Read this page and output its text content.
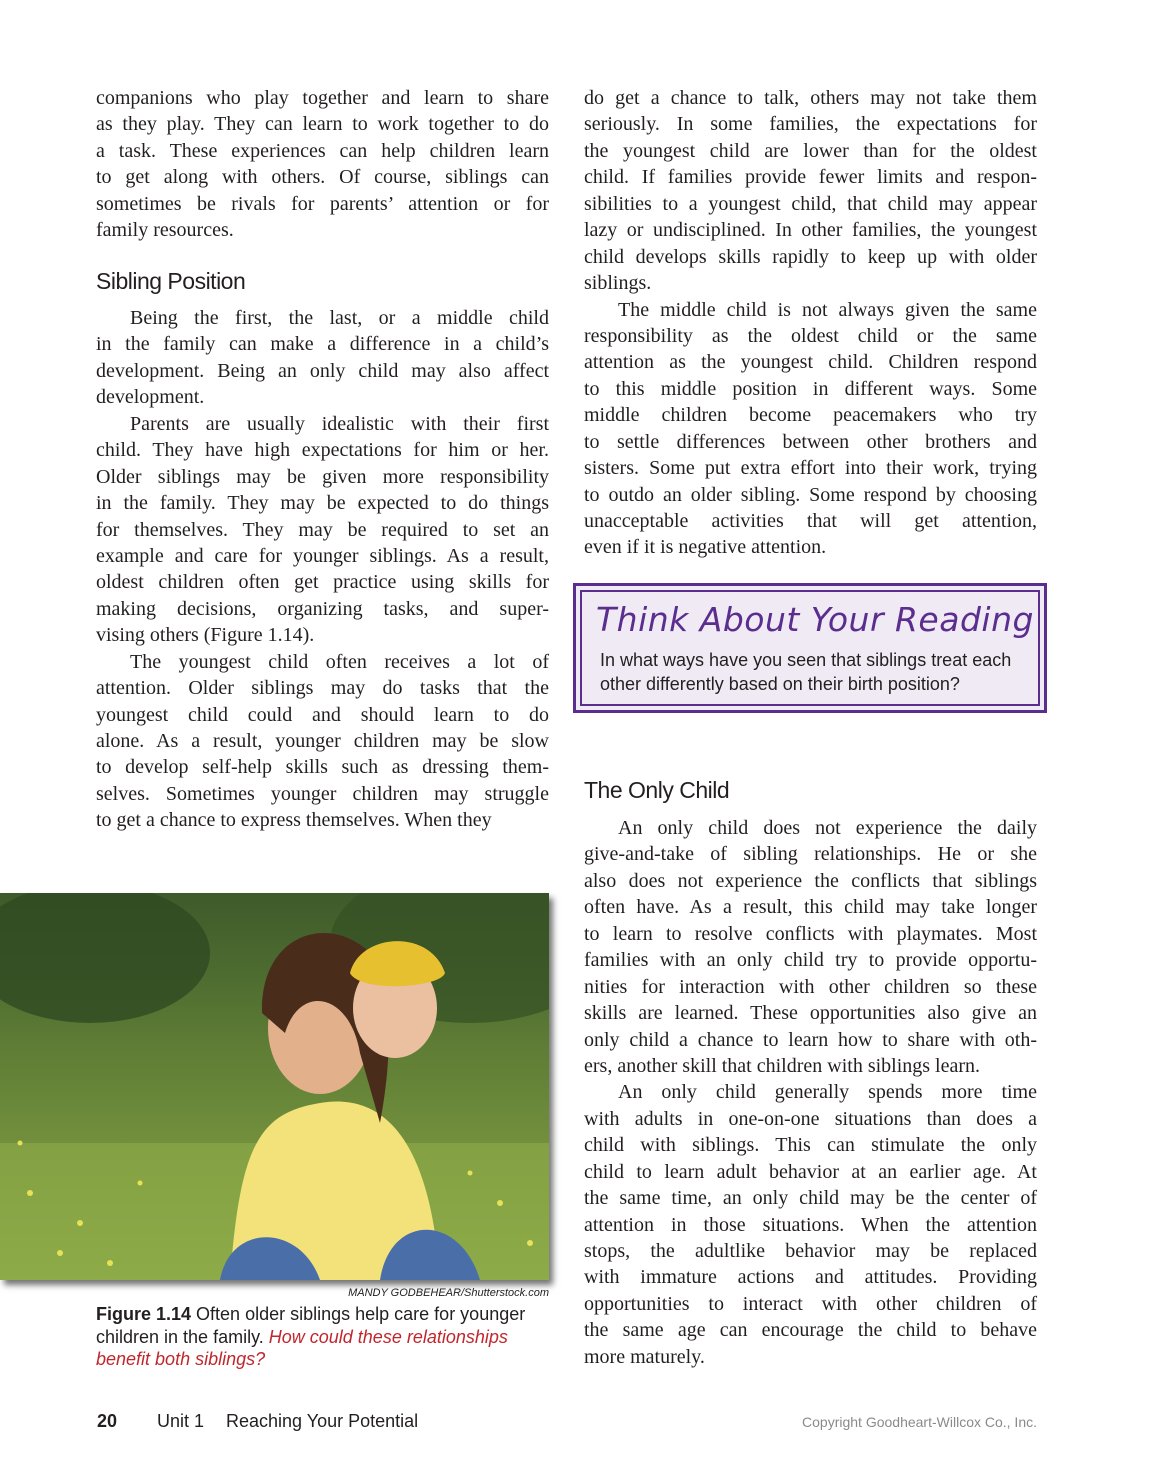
companions who play together and learn to share
as they play. They can learn to work together to do
a task. These experiences can help children learn
to get along with others. Of course, siblings can
sometimes be rivals for parents’ attention or for
family resources.
Sibling Position
Being the first, the last, or a middle child
in the family can make a difference in a child’s
development. Being an only child may also affect
development.
Parents are usually idealistic with their first
child. They have high expectations for him or her.
Older siblings may be given more responsibility
in the family. They may be expected to do things
for themselves. They may be required to set an
example and care for younger siblings. As a result,
oldest children often get practice using skills for
making decisions, organizing tasks, and super-
vising others (Figure 1.14).
The youngest child often receives a lot of
attention. Older siblings may do tasks that the
youngest child could and should learn to do
alone. As a result, younger children may be slow
to develop self-help skills such as dressing them-
selves. Sometimes younger children may struggle
to get a chance to express themselves. When they
do get a chance to talk, others may not take them
seriously. In some families, the expectations for
the youngest child are lower than for the oldest
child. If families provide fewer limits and respon-
sibilities to a youngest child, that child may appear
lazy or undisciplined. In other families, the youngest
child develops skills rapidly to keep up with older
siblings.
The middle child is not always given the same
responsibility as the oldest child or the same
attention as the youngest child. Children respond
to this middle position in different ways. Some
middle children become peacemakers who try
to settle differences between other brothers and
sisters. Some put extra effort into their work, trying
to outdo an older sibling. Some respond by choosing
unacceptable activities that will get attention,
even if it is negative attention.
Think About Your Reading
In what ways have you seen that siblings treat each other differently based on their birth position?
The Only Child
An only child does not experience the daily
give-and-take of sibling relationships. He or she
also does not experience the conflicts that siblings
often have. As a result, this child may take longer
to learn to resolve conflicts with playmates. Most
families with an only child try to provide opportu-
nities for interaction with other children so these
skills are learned. These opportunities also give an
only child a chance to learn how to share with oth-
ers, another skill that children with siblings learn.
An only child generally spends more time
with adults in one-on-one situations than does a
child with siblings. This can stimulate the only
child to learn adult behavior at an earlier age. At
the same time, an only child may be the center of
attention in those situations. When the attention
stops, the adultlike behavior may be replaced
with immature actions and attitudes. Providing
opportunities to interact with other children of
the same age can encourage the child to behave
more maturely.
MANDY GODBEHEAR/Shutterstock.com
Figure 1.14 Often older siblings help care for younger children in the family. How could these relationships benefit both siblings?
20 Unit 1 Reaching Your Potential	Copyright Goodheart-Willcox Co., Inc.
